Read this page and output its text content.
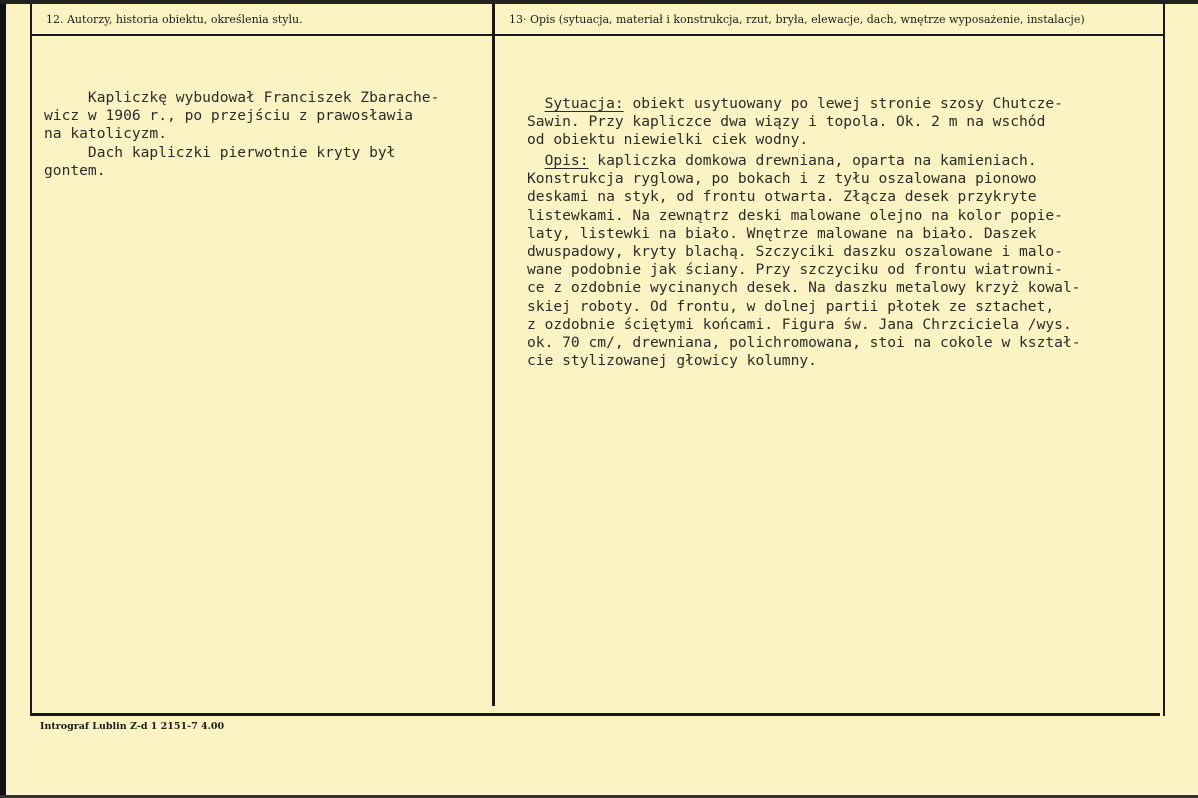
12. Autorzy, historia obiektu, określenia stylu.	13· Opis (sytuacja, materiał i konstrukcja, rzut, bryła, elewacje, dach, wnętrze wyposażenie, instalacje)
Kapliczkę wybudował Franciszek Zbarache-
wicz w 1906 r., po przejściu z prawosławia
na katolicyzm.
Dach kapliczki pierwotnie kryty był
gontem.
Sytuacja: obiekt usytuowany po lewej stronie szosy Chutcze-
Sawin. Przy kapliczce dwa wiązy i topola. Ok. 2 m na wschód
od obiektu niewielki ciek wodny.
Opis: kapliczka domkowa drewniana, oparta na kamieniach.
Konstrukcja ryglowa, po bokach i z tyłu oszalowana pionowo
deskami na styk, od frontu otwarta. Złącza desek przykryte
listewkami. Na zewnątrz deski malowane olejno na kolor popie-
laty, listewki na biało. Wnętrze malowane na biało. Daszek
dwuspadowy, kryty blachą. Szczyciki daszku oszalowane i malo-
wane podobnie jak ściany. Przy szczyciku od frontu wiatrowni-
ce z ozdobnie wycinanych desek. Na daszku metalowy krzyż kowal-
skiej roboty. Od frontu, w dolnej partii płotek ze sztachet,
z ozdobnie ściętymi końcami. Figura św. Jana Chrzciciela /wys.
ok. 70 cm/, drewniana, polichromowana, stoi na cokole w kształ-
cie stylizowanej głowicy kolumny.
Intrograf Lublin Z-d 1 2151-7 4.00
